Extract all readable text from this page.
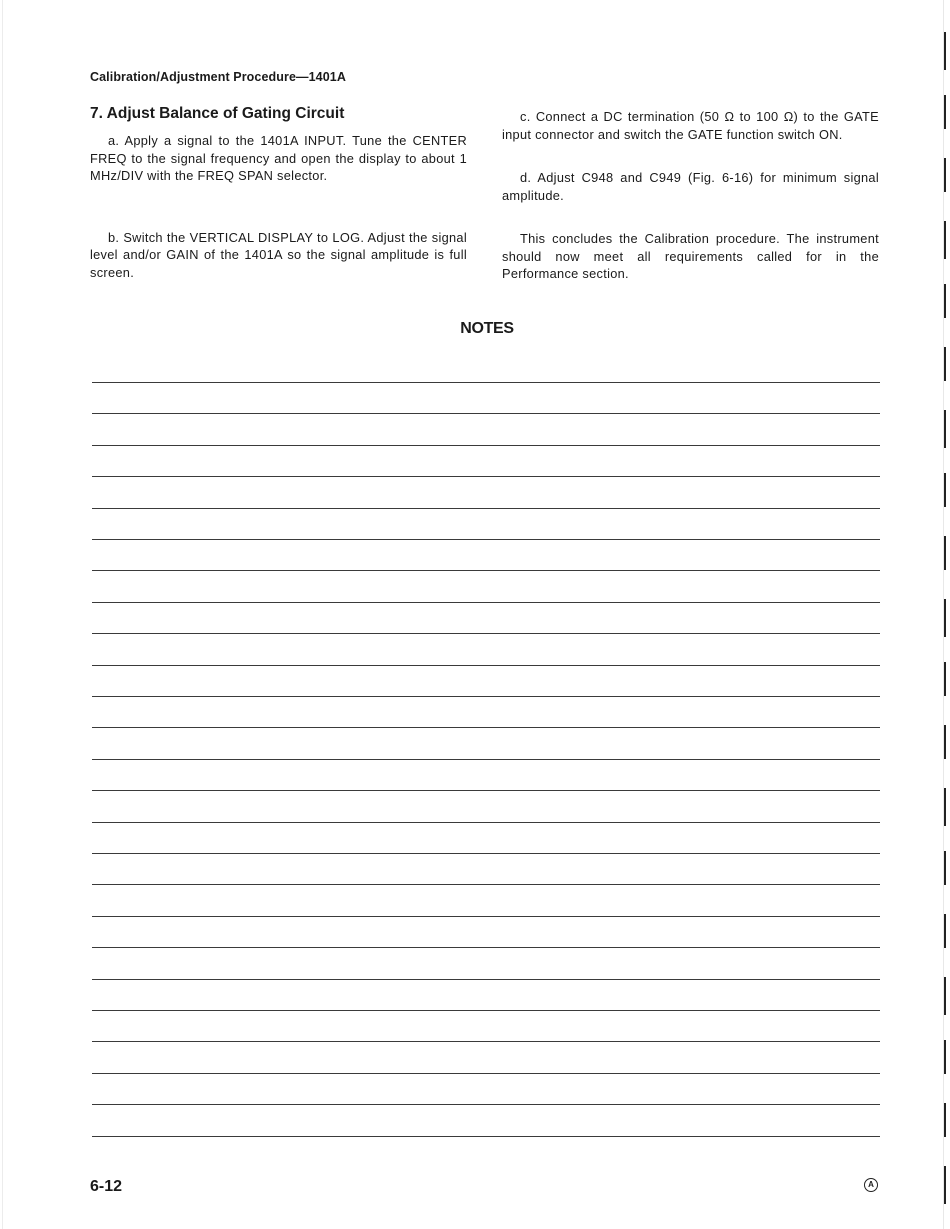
Calibration/Adjustment Procedure—1401A
7. Adjust Balance of Gating Circuit

a. Apply a signal to the 1401A INPUT. Tune the CENTER FREQ to the signal frequency and open the display to about 1 MHz/DIV with the FREQ SPAN selector.

b. Switch the VERTICAL DISPLAY to LOG. Adjust the signal level and/or GAIN of the 1401A so the signal amplitude is full screen.

c. Connect a DC termination (50 Ω to 100 Ω) to the GATE input connector and switch the GATE function switch ON.

d. Adjust C948 and C949 (Fig. 6-16) for minimum signal amplitude.

This concludes the Calibration procedure. The instrument should now meet all requirements called for in the Performance section.

NOTES
6-12	A
